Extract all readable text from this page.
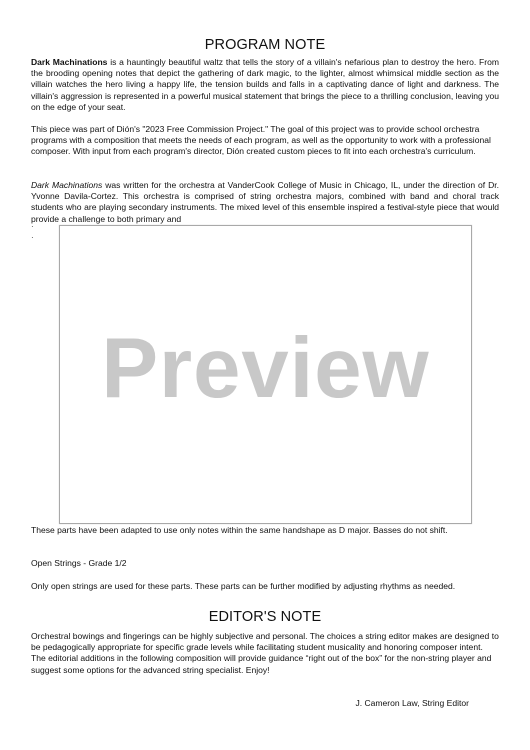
PROGRAM NOTE

Dark Machinations is a hauntingly beautiful waltz that tells the story of a villain's nefarious plan to destroy the hero. From the brooding opening notes that depict the gathering of dark magic, to the lighter, almost whimsical middle section as the villain watches the hero living a happy life, the tension builds and falls in a captivating dance of light and darkness. The villain's aggression is represented in a powerful musical statement that brings the piece to a thrilling conclusion, leaving you on the edge of your seat.

This piece was part of Dión's "2023 Free Commission Project." The goal of this project was to provide school orchestra programs with a composition that meets the needs of each program, as well as the opportunity to work with a professional composer. With input from each program's director, Dión created custom pieces to fit into each orchestra's curriculum.

Dark Machinations was written for the orchestra at VanderCook College of Music in Chicago, IL, under the direction of Dr. Yvonne Davila-Cortez. This orchestra is comprised of string orchestra majors, combined with band and choral track students who are playing secondary instruments. The mixed level of this ensemble inspired a festival-style piece that would provide a challenge to both primary and

·
·
Preview

These parts have been adapted to use only notes within the same handshape as D major. Basses do not shift.

Open Strings - Grade 1/2

Only open strings are used for these parts. These parts can be further modified by adjusting rhythms as needed.

EDITOR'S NOTE

Orchestral bowings and fingerings can be highly subjective and personal. The choices a string editor makes are designed to be pedagogically appropriate for specific grade levels while facilitating student musicality and honoring composer intent. The editorial additions in the following composition will provide guidance “right out of the box” for the non-string player and suggest some options for the advanced string specialist. Enjoy!

J. Cameron Law, String Editor
